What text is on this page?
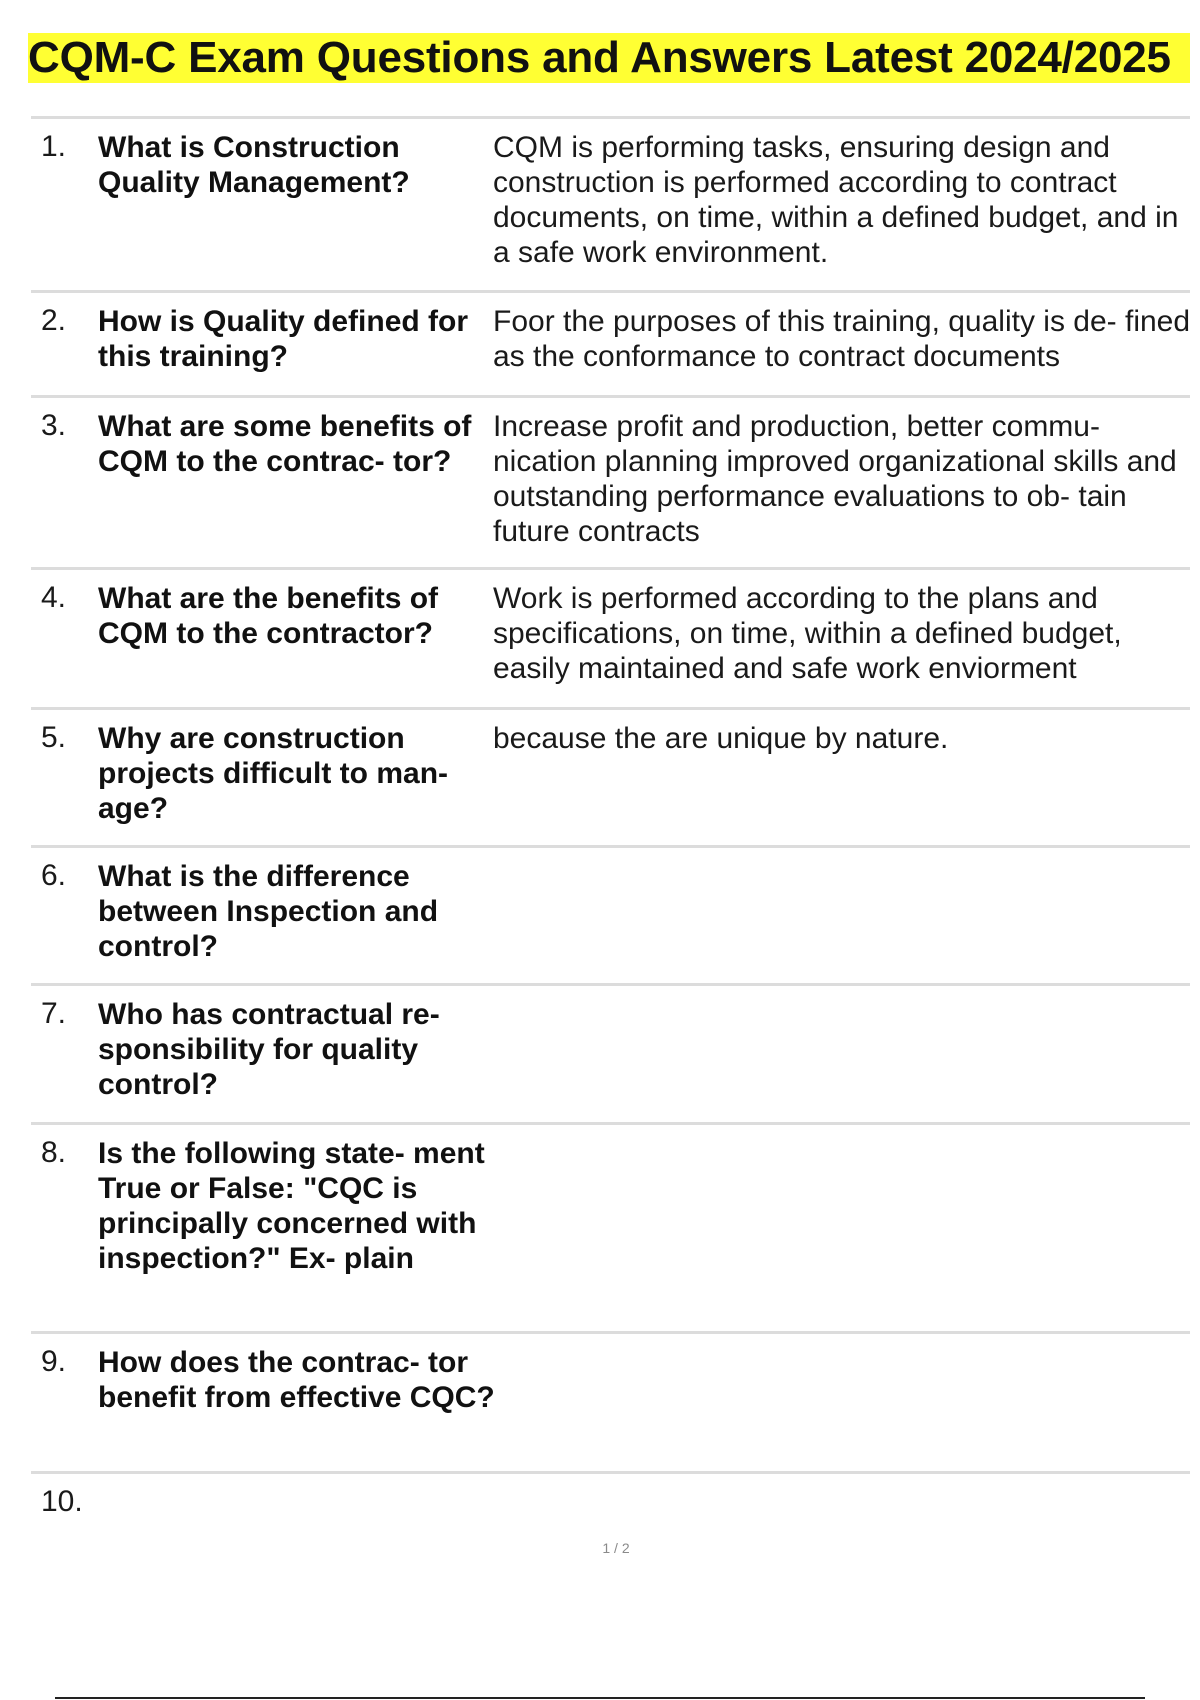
CQM-C Exam Questions and Answers Latest 2024/2025
1. What is Construction Quality Management?
CQM is performing tasks, ensuring design and construction is performed according to contract documents, on time, within a defined budget, and in a safe work environment.
2. How is Quality defined for this training?
Foor the purposes of this training, quality is de- fined as the conformance to contract documents
3. What are some benefits of CQM to the contrac- tor?
Increase profit and production, better commu- nication planning improved organizational skills and outstanding performance evaluations to ob- tain future contracts
4. What are the benefits of CQM to the contractor?
Work is performed according to the plans and specifications, on time, within a defined budget, easily maintained and safe work enviorment
5. Why are construction projects difficult to man- age?
because the are unique by nature.
6. What is the difference between Inspection and control?
7. Who has contractual re- sponsibility for quality control?
8. Is the following state- ment True or False: "CQC is principally concerned with inspection?" Ex- plain
9. How does the contrac- tor benefit from effective CQC?
10.
1 / 2
